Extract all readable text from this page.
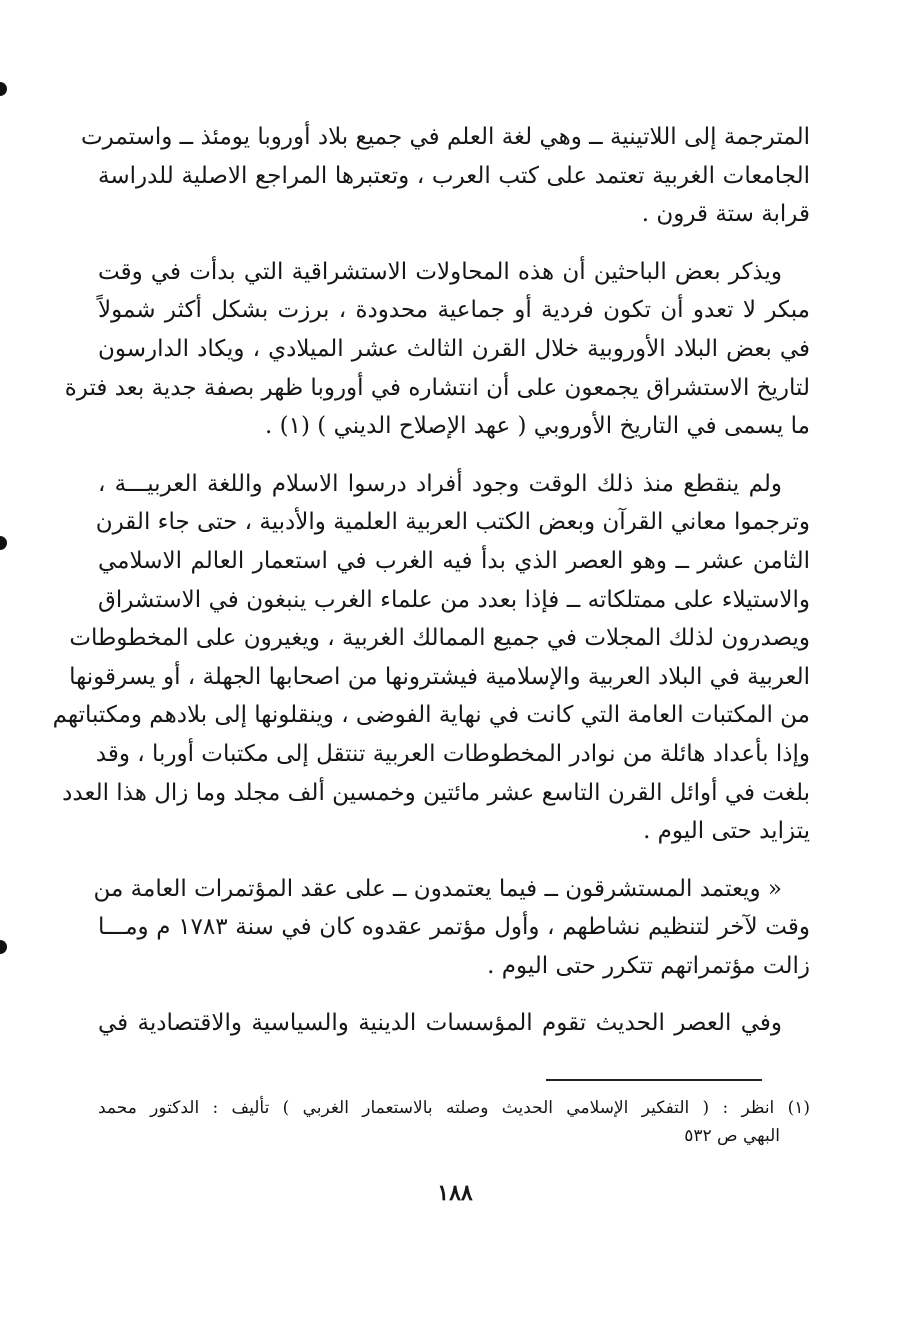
المترجمة إلى اللاتينية ــ وهي لغة العلم في جميع بلاد أوروبا يومئذ ــ واستمرت

الجامعات الغربية تعتمد على كتب العرب ، وتعتبرها المراجع الاصلية للدراسة

قرابة ستة قرون .

ويذكر بعض الباحثين أن هذه المحاولات الاستشراقية التي بدأت في وقت

مبكر لا تعدو أن تكون فردية أو جماعية محدودة ، برزت بشكل أكثر شمولاً

في بعض البلاد الأوروبية خلال القرن الثالث عشر الميلادي ، ويكاد الدارسون

لتاريخ الاستشراق يجمعون على أن انتشاره في أوروبا ظهر بصفة جدية بعد فترة

ما يسمى في التاريخ الأوروبي ( عهد الإصلاح الديني ) (١) .

ولم ينقطع منذ ذلك الوقت وجود أفراد درسوا الاسلام واللغة العربيـــة ،

وترجموا معاني القرآن وبعض الكتب العربية العلمية والأدبية ، حتى جاء القرن

الثامن عشر ــ وهو العصر الذي بدأ فيه الغرب في استعمار العالم الاسلامي

والاستيلاء على ممتلكاته ــ فإذا بعدد من علماء الغرب ينبغون في الاستشراق

ويصدرون لذلك المجلات في جميع الممالك الغربية ، ويغيرون على المخطوطات

العربية في البلاد العربية والإسلامية فيشترونها من اصحابها الجهلة ، أو يسرقونها

من المكتبات العامة التي كانت في نهاية الفوضى ، وينقلونها إلى بلادهم ومكتباتهم

وإذا بأعداد هائلة من نوادر المخطوطات العربية تنتقل إلى مكتبات أوربا ، وقد

بلغت في أوائل القرن التاسع عشر مائتين وخمسين ألف مجلد وما زال هذا العدد

يتزايد حتى اليوم .

« ويعتمد المستشرقون ــ فيما يعتمدون ــ على عقد المؤتمرات العامة من

وقت لآخر لتنظيم نشاطهم ، وأول مؤتمر عقدوه كان في سنة ١٧٨٣ م ومـــا

زالت مؤتمراتهم تتكرر حتى اليوم .

وفي العصر الحديث تقوم المؤسسات الدينية والسياسية والاقتصادية في

(١) انظر : ( التفكير الإسلامي الحديث وصلته بالاستعمار الغربي ) تأليف : الدكتور محمد

البهي ص ٥٣٢

١٨٨
